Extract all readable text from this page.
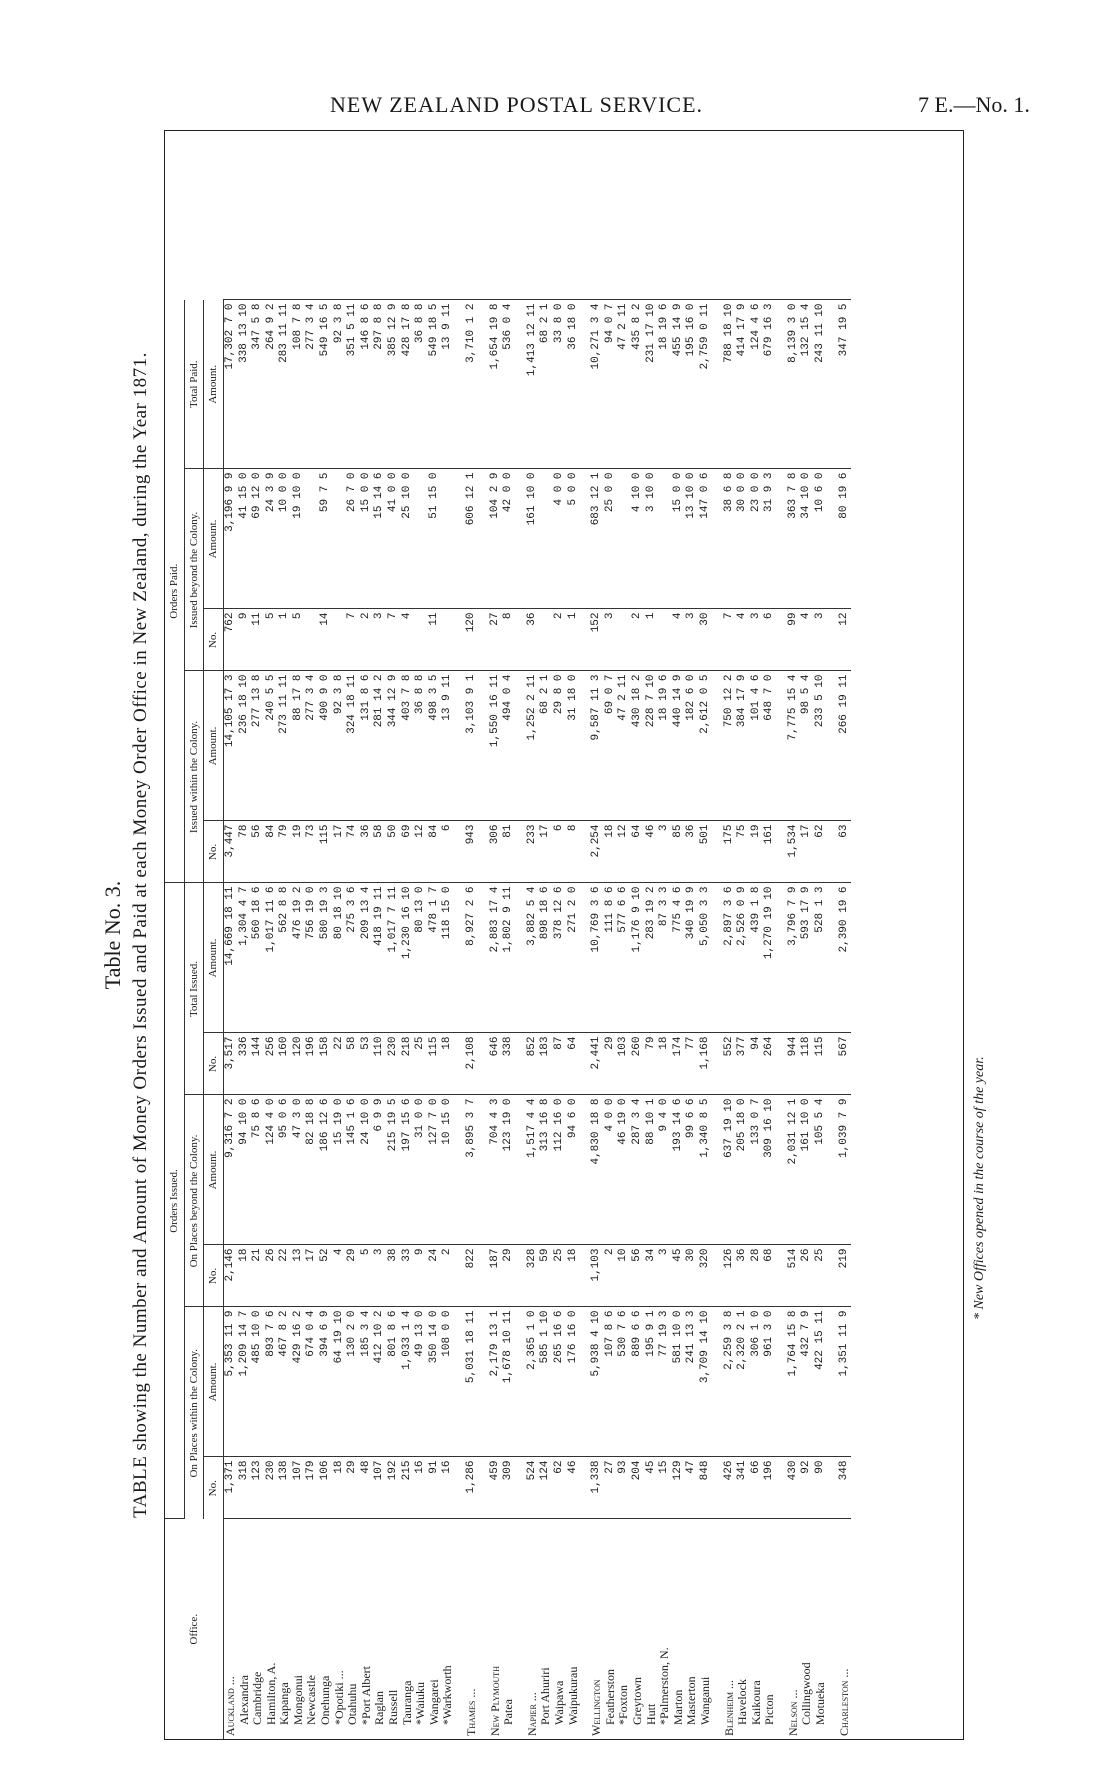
NEW ZEALAND POSTAL SERVICE.	7 E.—No. 1.
Table No. 3. TABLE showing the Number and Amount of Money Orders Issued and Paid at each Money Order Office in New Zealand, during the Year 1871.
Office.	Orders Issued.						Orders Paid.					
	On Places within the Colony.		On Places beyond the Colony.		Total Issued.		Issued within the Colony.		Issued beyond the Colony.		Total Paid.	
	No.	Amount.	No.	Amount.	No.	Amount.	No.	Amount.	No.	Amount.	Amount.	
Auckland ...	1,371	5,353 11 9	2,146	9,316 7 2	3,517	14,669 18 11	3,447	14,105 17 3	762	3,196 9 9	17,302 7 0	
Alexandra	318	1,209 14 7	18	94 10 0	336	1,304 4 7	78	236 18 10	9	41 15 0	338 13 10	
Cambridge	123	485 10 0	21	75 8 6	144	560 18 6	56	277 13 8	11	69 12 0	347 5 8	
Hamilton, A.	230	893 7 6	26	124 4 0	256	1,017 11 6	84	240 5 5	5	24 3 9	264 9 2	
Kapanga	138	467 8 2	22	95 0 6	160	562 8 8	79	273 11 11	1	10 0 0	283 11 11	
Mongonui	107	429 16 2	13	47 3 0	120	476 19 2	19	88 17 8	5	19 10 0	108 7 8	
Newcastle	179	674 0 4	17	82 18 8	196	756 19 0	73	277 3 4			277 3 4	
Onehunga	106	394 6 9	52	186 12 6	158	580 19 3	115	490 9 0	14	59 7 5	549 16 5	
*Opotiki ...	18	64 19 10	4	15 19 0	22	80 18 10	17	92 3 8			92 3 8	
Otahuhu	29	130 2 0	29	145 1 6	58	275 3 6	74	324 18 11	7	26 7 0	351 5 11	
*Port Albert	48	185 3 4	5	24 10 0	53	209 13 4	36	131 8 6	2	15 0 0	146 8 6	
Raglan	107	412 10 2	3	6 9 9	110	418 19 11	58	281 14 2	3	15 14 6	297 8 8	
Russell	192	801 8 6	38	215 19 5	230	1,017 7 11	50	344 12 9	7	41 0 0	385 12 9	
Tauranga	215	1,033 1 4	33	197 15 6	218	1,230 16 10	69	403 7 8	4	25 10 0	428 17 8	
*Waiuku	16	49 13 0	9	31 0 0	25	80 13 0	12	36 8 8			36 8 8	
Wangarei	91	350 14 0	24	127 7 0	115	478 1 7	84	498 3 5	11	51 15 0	549 18 5	
*Warkworth	16	108 0 0	2	10 15 0	18	118 15 0	6	13 9 11			13 9 11	

Thames ...	1,286	5,031 18 11	822	3,895 3 7	2,108	8,927 2 6	943	3,103 9 1	120	606 12 1	3,710 1 2	

New Plymouth	459	2,179 13 1	187	704 4 3	646	2,883 17 4	306	1,550 16 11	27	104 2 9	1,654 19 8	
Patea	309	1,678 10 11	29	123 19 0	338	1,802 9 11	81	494 0 4	8	42 0 0	536 0 4	

Napier ...	524	2,365 1 0	328	1,517 4 4	852	3,882 5 4	233	1,252 2 11	36	161 10 0	1,413 12 11	
Port Ahuriri	124	585 1 10	59	313 16 8	183	898 18 6	17	68 2 1			68 2 1	
Waipawa	62	265 16 6	25	112 16 0	87	378 12 6	6	29 8 0	2	4 0 0	33 8 0	
Waipukurau	46	176 16 0	18	94 6 0	64	271 2 0	8	31 18 0	1	5 0 0	36 18 0	

Wellington	1,338	5,938 4 10	1,103	4,830 18 8	2,441	10,769 3 6	2,254	9,587 11 3	152	683 12 1	10,271 3 4	
Featherston	27	107 8 6	2	4 0 0	29	111 8 6	18	69 0 7	3	25 0 0	94 0 7	
*Foxton	93	530 7 6	10	46 19 0	103	577 6 6	12	47 2 11			47 2 11	
Greytown	204	889 6 6	56	287 3 4	260	1,176 9 10	64	430 18 2	2	4 10 0	435 8 2	
Hutt	45	195 9 1	34	88 10 1	79	283 19 2	46	228 7 10	1	3 10 0	231 17 10	
*Palmerston, N.	15	77 19 3	3	9 4 0	18	87 3 3	3	18 19 6			18 19 6	
Marton	129	581 10 0	45	193 14 6	174	775 4 6	85	440 14 9	4	15 0 0	455 14 9	
Masterton	47	241 13 3	30	99 6 6	77	340 19 9	36	182 6 0	3	13 10 0	195 16 0	
Wanganui	848	3,709 14 10	320	1,340 8 5	1,168	5,050 3 3	501	2,612 0 5	30	147 0 6	2,759 0 11	

Blenheim ...	426	2,259 3 8	126	637 19 10	552	2,897 3 6	175	750 12 2	7	38 6 8	788 18 10	
Havelock	341	2,320 2 1	36	205 18 0	377	2,526 0 9	75	384 17 9	4	30 0 0	414 17 9	
Kaikoura	66	306 1 0	28	133 0 7	94	439 1 8	19	101 4 6	3	23 0 0	124 4 6	
Picton	196	961 3 0	68	309 16 10	264	1,270 19 10	161	648 7 0	6	31 9 3	679 16 3	

Nelson ...	430	1,764 15 8	514	2,031 12 1	944	3,796 7 9	1,534	7,775 15 4	99	363 7 8	8,139 3 0	
Collingwood	92	432 7 9	26	161 10 0	118	593 17 9	17	98 5 4	4	34 10 0	132 15 4	
Motueka	90	422 15 11	25	105 5 4	115	528 1 3	62	233 5 10	3	10 6 0	243 11 10	

Charleston ...	348	1,351 11 9	219	1,039 7 9	567	2,390 19 6	63	266 19 11	12	80 19 6	347 19 5	
* New Offices opened in the course of the year.
